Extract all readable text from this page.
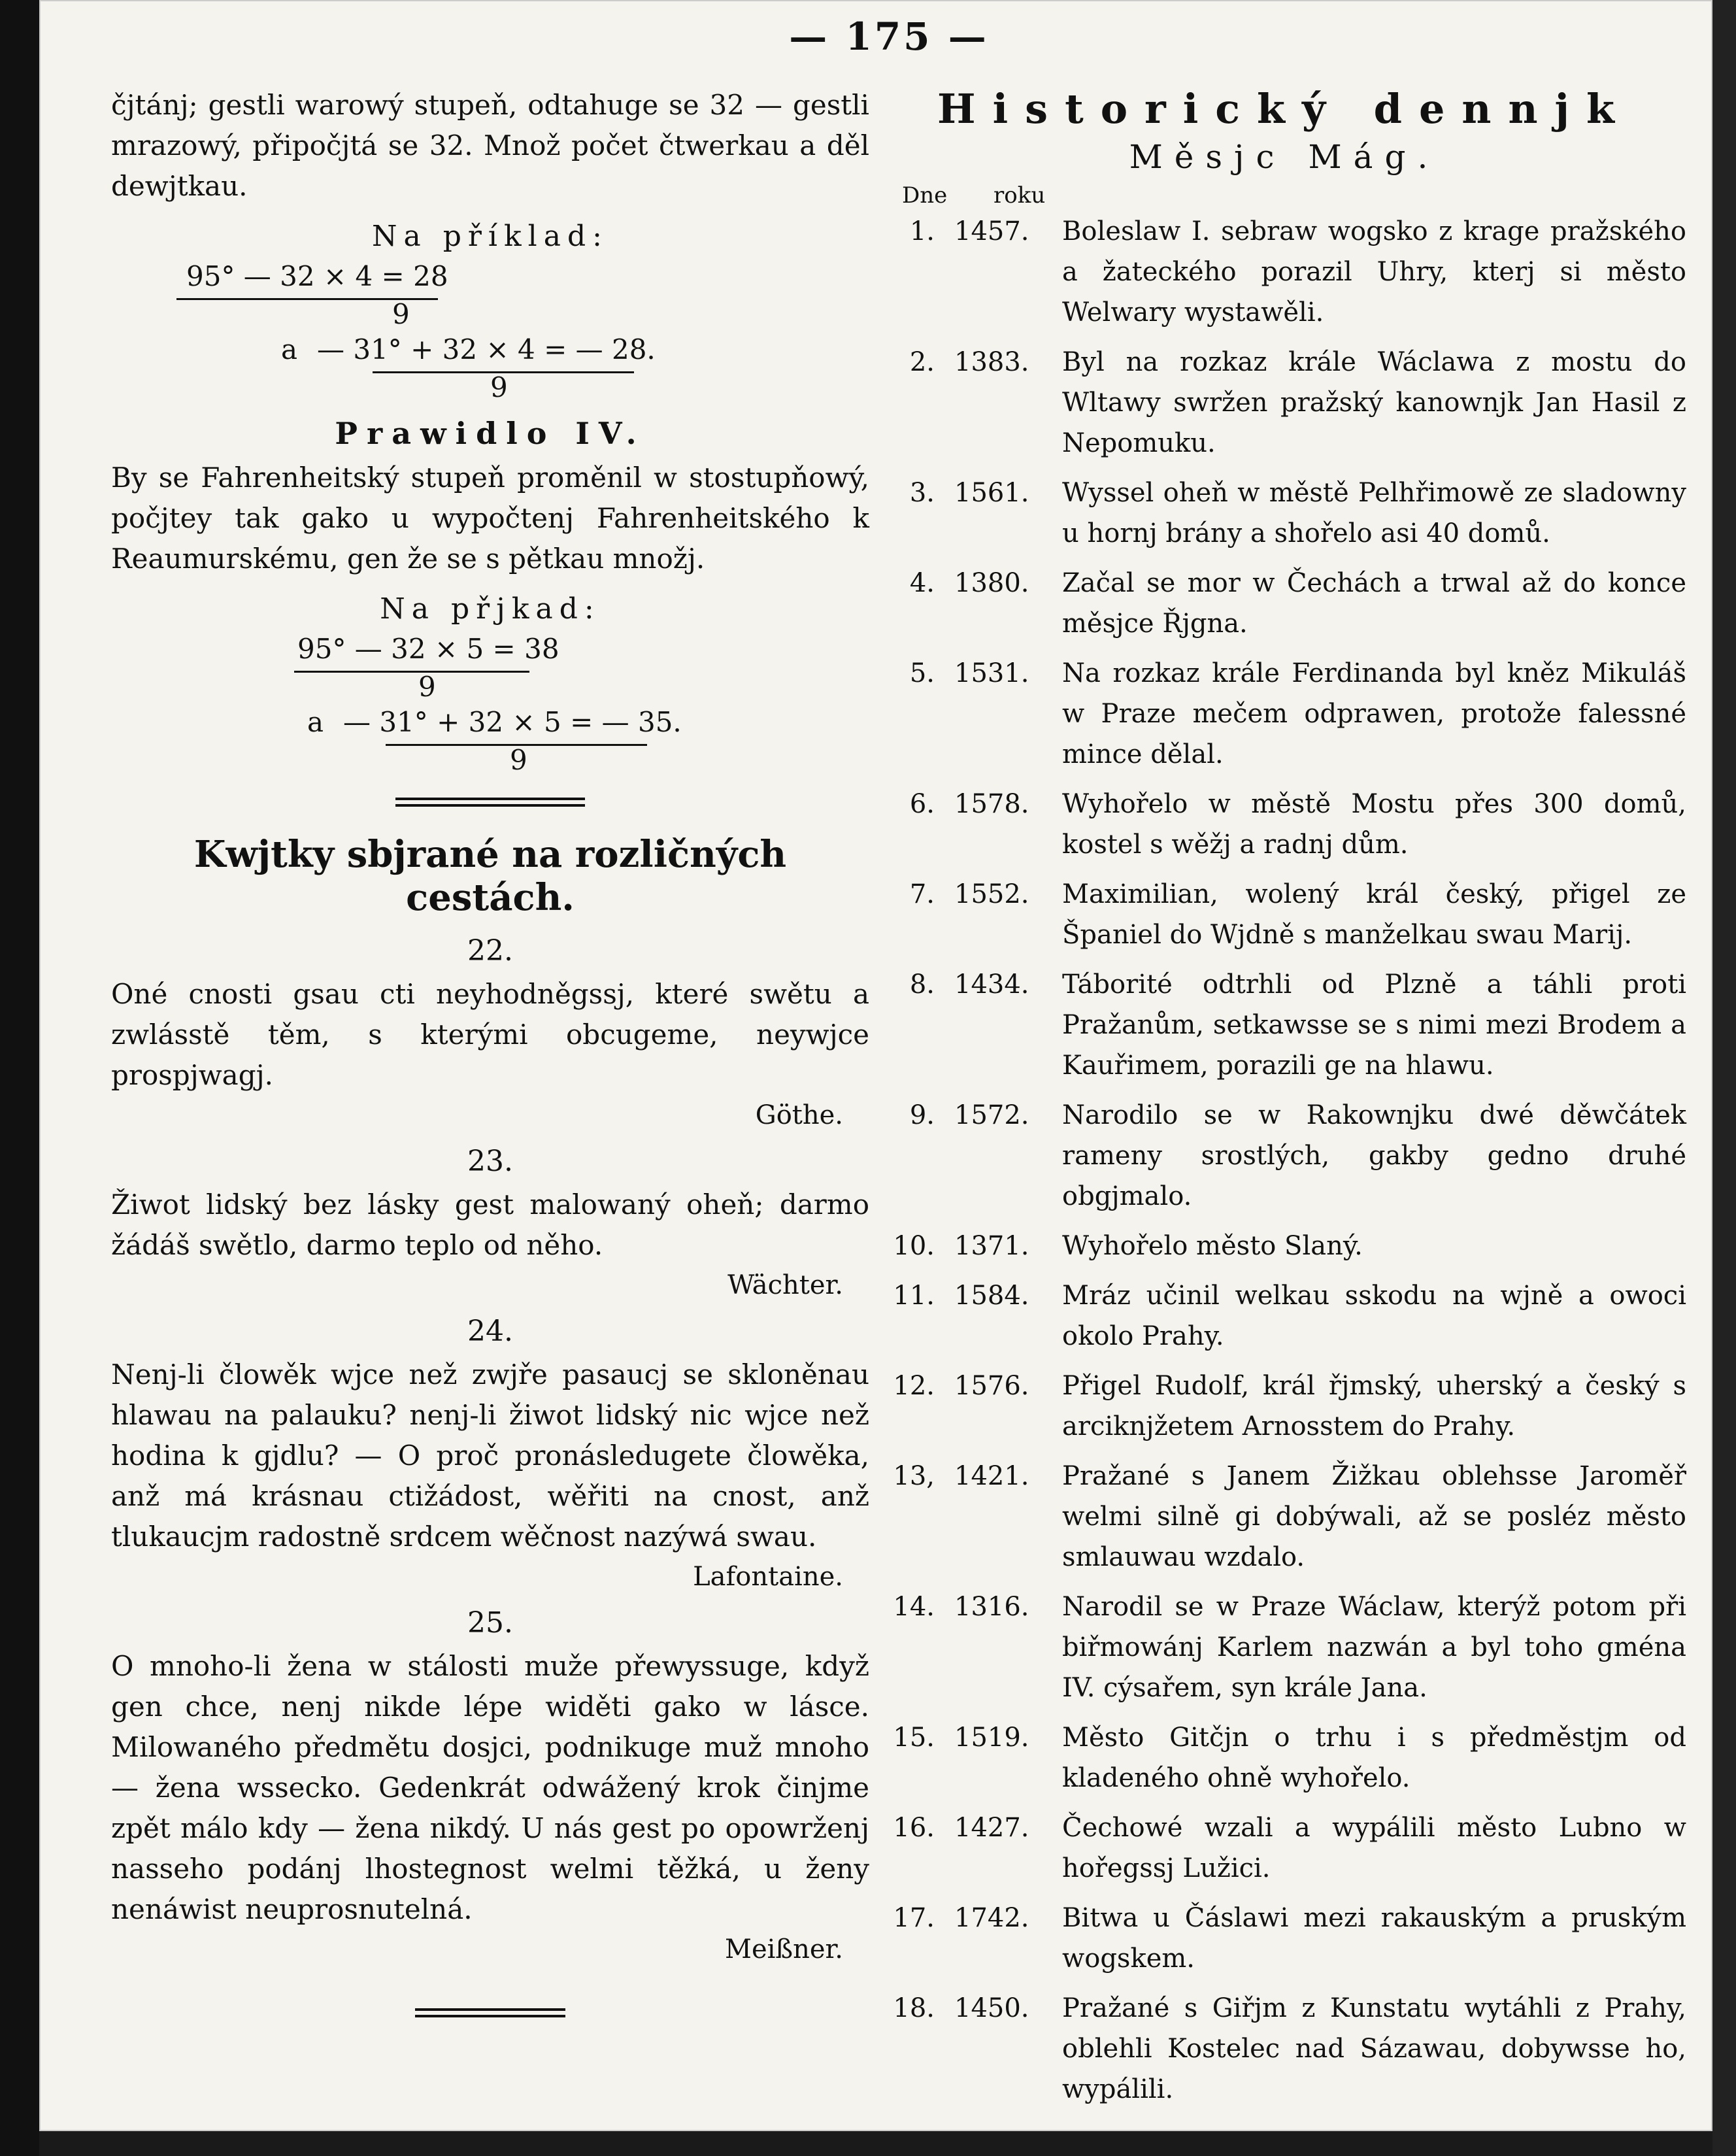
— 175 —

čjtánj; gestli warowý stupeň, odtahuge se 32 — gestli mrazowý, připočjtá se 32. Množ počet čtwerkau a děl dewjtkau.

Na příklad:

95° — 32 × 4 = 28
9
a — 31° + 32 × 4 = — 28.
9

Prawidlo IV.

By se Fahrenheitský stupeň proměnil w stostupňowý, počjtey tak gako u wypočtenj Fahrenheitského k Reaumurskému, gen že se s pětkau množj.

Na přjkad:

95° — 32 × 5 = 38
9
a — 31° + 32 × 5 = — 35.
9

Kwjtky sbjrané na rozličných cestách.

22.

Oné cnosti gsau cti neyhodněgssj, které swětu a zwlásstě těm, s kterými obcugeme, neywjce prospjwagj.

Göthe.

23.

Žiwot lidský bez lásky gest malowaný oheň; darmo žádáš swětlo, darmo teplo od něho.

Wächter.

24.

Nenj-li člowěk wjce než zwjře pasaucj se skloněnau hlawau na palauku? nenj-li žiwot lidský nic wjce než hodina k gjdlu? — O proč pronásledugete člowěka, anž má krásnau ctižádost, wěřiti na cnost, anž tlukaucjm radostně srdcem wěčnost nazýwá swau.

Lafontaine.

25.

O mnoho-li žena w stálosti muže přewyssuge, když gen chce, nenj nikde lépe widěti gako w lásce. Milowaného předmětu dosjci, podnikuge muž mnoho — žena wssecko. Gedenkrát odwážený krok činjme zpět málo kdy — žena nikdý. U nás gest po opowrženj nasseho podánj lhostegnost welmi těžká, u ženy nenáwist neuprosnutelná.

Meißner.

Historický dennjk

Měsjc Mág.

Dne roku
1. 1457.	Boleslaw I. sebraw wogsko z krage pražského a žateckého porazil Uhry, kterj si město Welwary wystawěli.
2. 1383.	Byl na rozkaz krále Wáclawa z mostu do Wltawy swržen pražský kanownjk Jan Hasil z Nepomuku.
3. 1561.	Wyssel oheň w městě Pelhřimowě ze sladowny u hornj brány a shořelo asi 40 domů.
4. 1380.	Začal se mor w Čechách a trwal až do konce měsjce Řjgna.
5. 1531.	Na rozkaz krále Ferdinanda byl kněz Mikuláš w Praze mečem odprawen, protože falessné mince dělal.
6. 1578.	Wyhořelo w městě Mostu přes 300 domů, kostel s wěžj a radnj dům.
7. 1552.	Maximilian, wolený král český, přigel ze Španiel do Wjdně s manželkau swau Marij.
8. 1434.	Táborité odtrhli od Plzně a táhli proti Pražanům, setkawsse se s nimi mezi Brodem a Kauřimem, porazili ge na hlawu.
9. 1572.	Narodilo se w Rakownjku dwé děwčátek rameny srostlých, gakby gedno druhé obgjmalo.
10. 1371.	Wyhořelo město Slaný.
11. 1584.	Mráz učinil welkau sskodu na wjně a owoci okolo Prahy.
12. 1576.	Přigel Rudolf, král řjmský, uherský a český s arciknjžetem Arnosstem do Prahy.
13, 1421.	Pražané s Janem Žižkau oblehsse Jaroměř welmi silně gi dobýwali, až se posléz město smlauwau wzdalo.
14. 1316.	Narodil se w Praze Wáclaw, kterýž potom při biřmowánj Karlem nazwán a byl toho gména IV. cýsařem, syn krále Jana.
15. 1519.	Město Gitčjn o trhu i s předměstjm od kladeného ohně wyhořelo.
16. 1427.	Čechowé wzali a wypálili město Lubno w hořegssj Lužici.
17. 1742.	Bitwa u Čáslawi mezi rakauským a pruským wogskem.
18. 1450.	Pražané s Giřjm z Kunstatu wytáhli z Prahy, oblehli Kostelec nad Sázawau, dobywsse ho, wypálili.
